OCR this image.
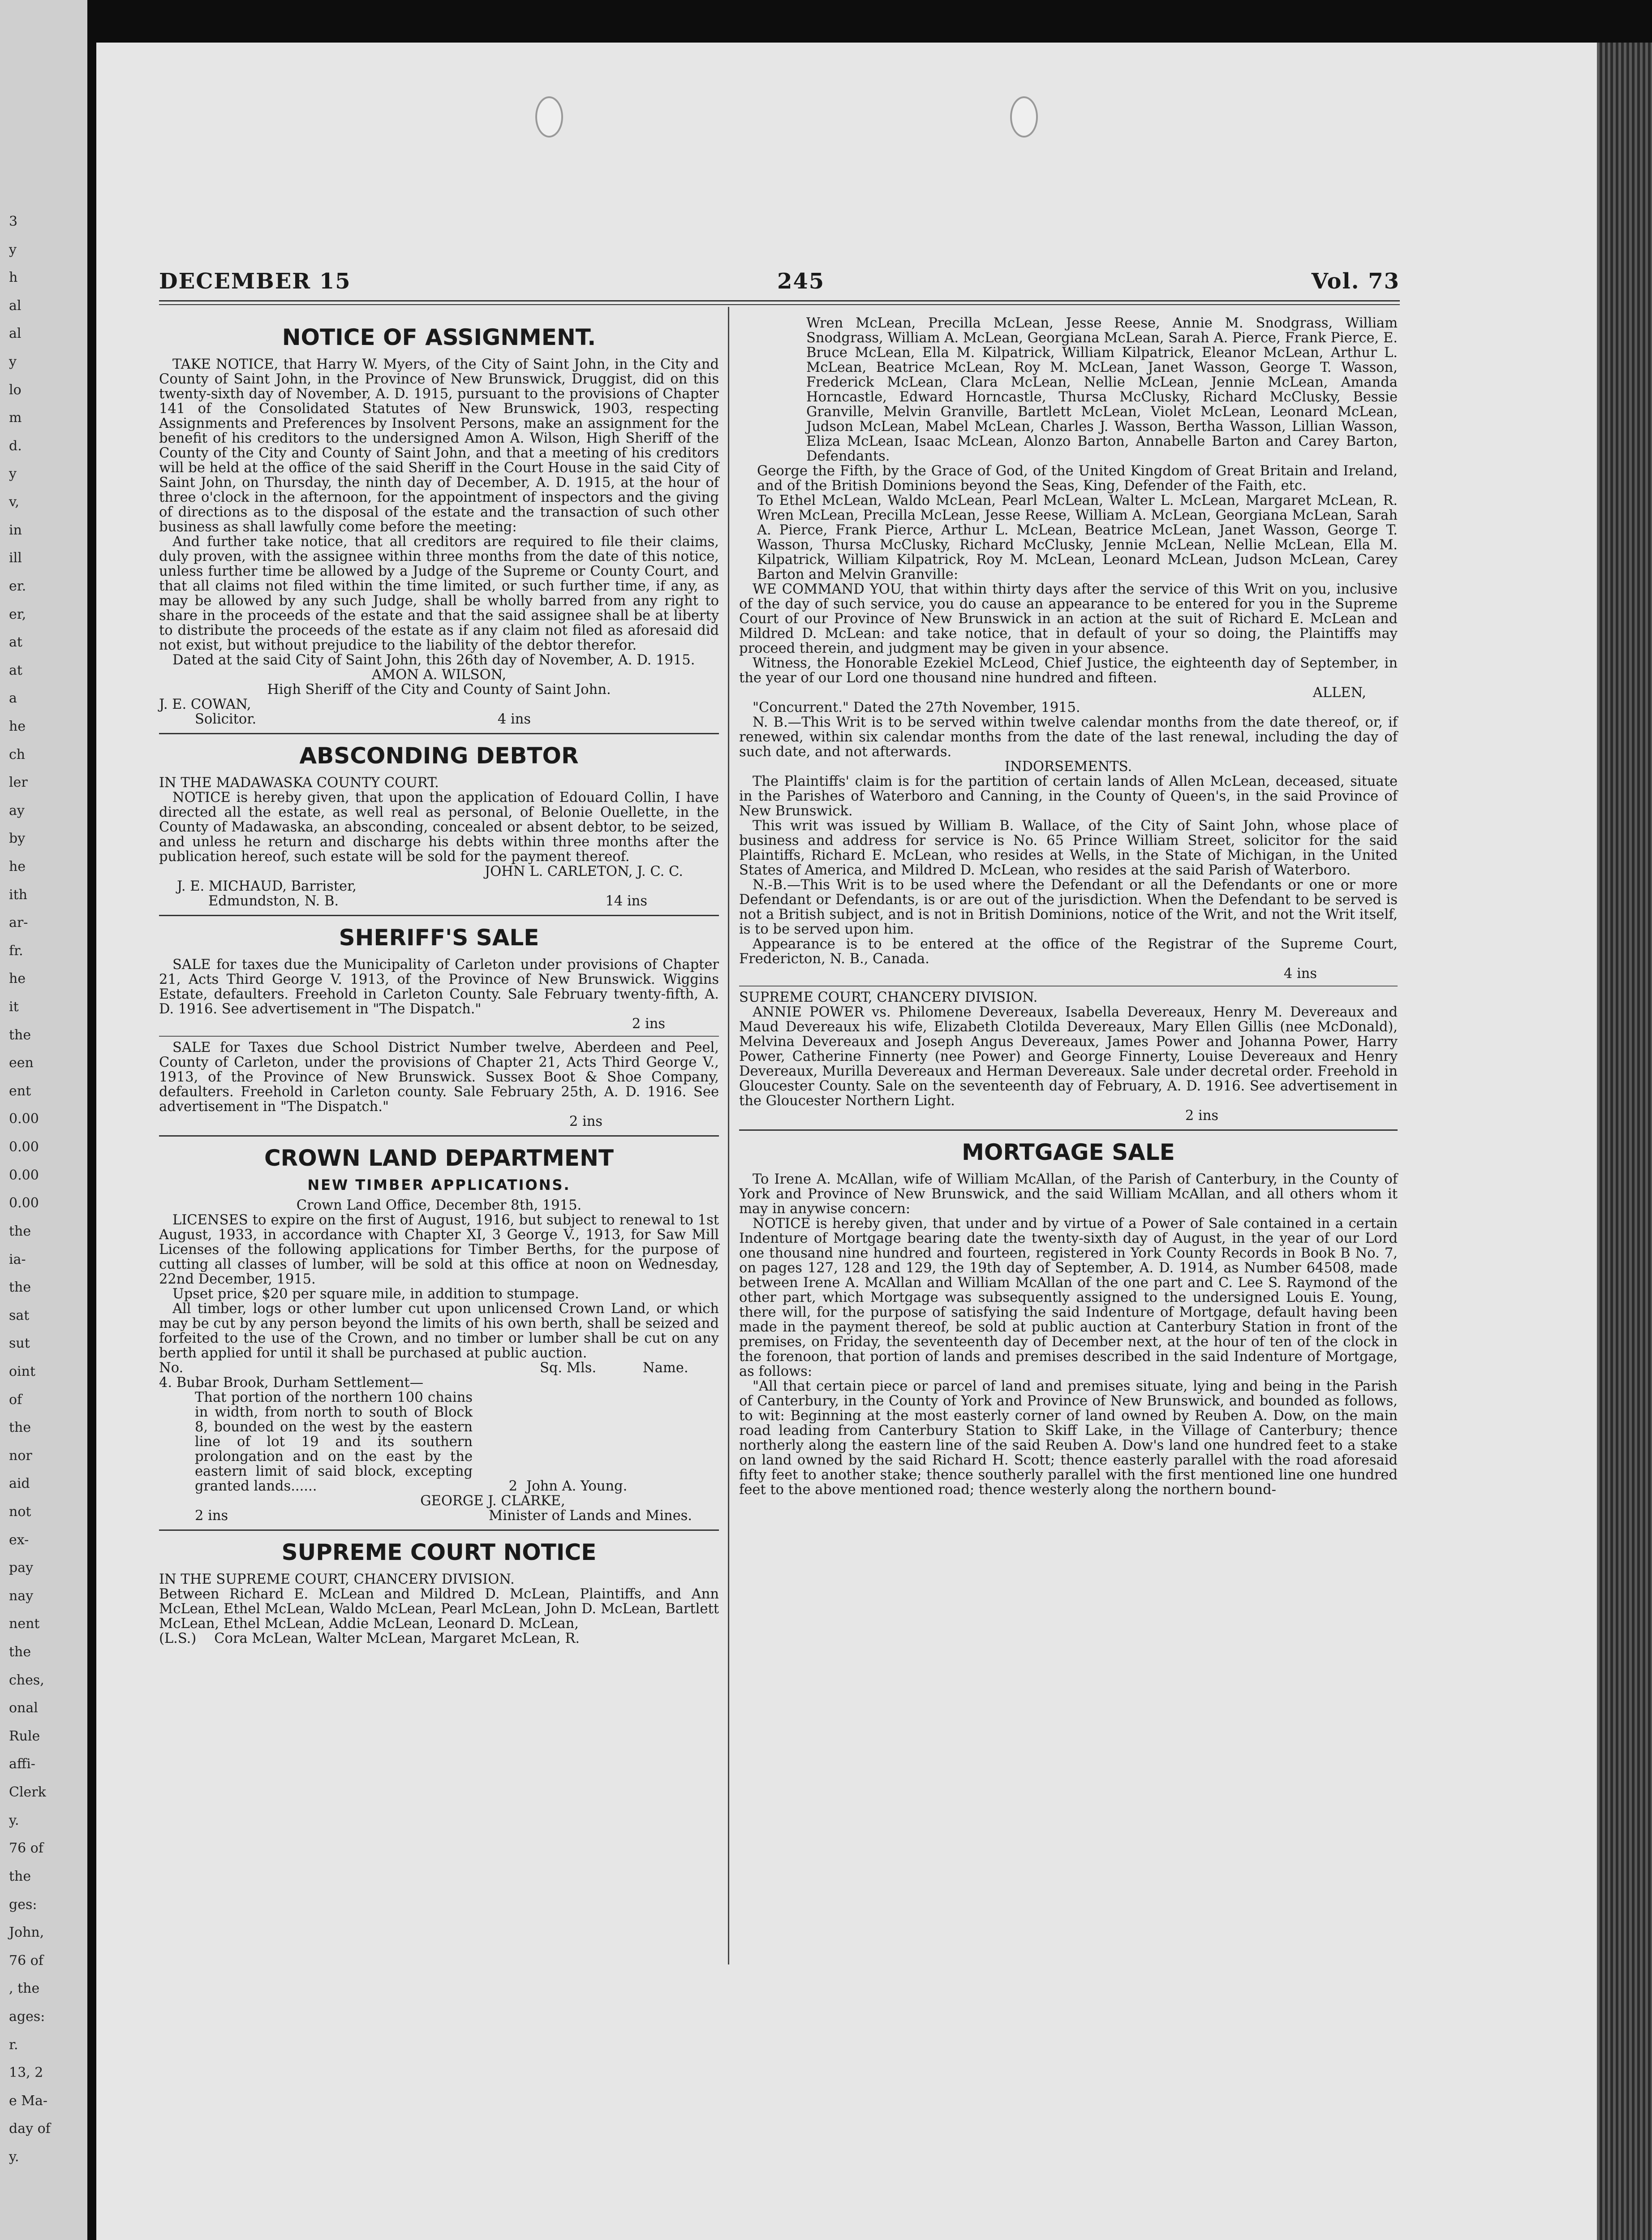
3
y
h
al
al
y
lo
m
d.
y
v,
in
ill
er.
er,
at
at
a
he
ch
ler
ay
by
he
ith
ar-
fr.
he
it
the
een
ent
0.00
0.00
0.00
0.00
the
ia-
the
sat
sut
oint
of
the
nor
aid
not
ex-
pay
nay
nent
the
ches,
onal
Rule
affi-
Clerk
y.
76 of
the
ges:
John,
76 of
, the
ages:
r.
13, 2
e Ma-
day of
y.
DECEMBER 15	245	Vol. 73
NOTICE OF ASSIGNMENT.

TAKE NOTICE, that Harry W. Myers, of the City of Saint John, in the City and County of Saint John, in the Province of New Brunswick, Druggist, did on this twenty-sixth day of November, A. D. 1915, pursuant to the provisions of Chapter 141 of the Consolidated Statutes of New Brunswick, 1903, respecting Assignments and Preferences by Insolvent Persons, make an assignment for the benefit of his creditors to the undersigned Amon A. Wilson, High Sheriff of the County of the City and County of Saint John, and that a meeting of his creditors will be held at the office of the said Sheriff in the Court House in the said City of Saint John, on Thursday, the ninth day of December, A. D. 1915, at the hour of three o'clock in the afternoon, for the appointment of inspectors and the giving of directions as to the disposal of the estate and the transaction of such other business as shall lawfully come before the meeting:

And further take notice, that all creditors are required to file their claims, duly proven, with the assignee within three months from the date of this notice, unless further time be allowed by a Judge of the Supreme or County Court, and that all claims not filed within the time limited, or such further time, if any, as may be allowed by any such Judge, shall be wholly barred from any right to share in the proceeds of the estate and that the said assignee shall be at liberty to distribute the proceeds of the estate as if any claim not filed as aforesaid did not exist, but without prejudice to the liability of the debtor therefor.

Dated at the said City of Saint John, this 26th day of November, A. D. 1915.

AMON A. WILSON,

High Sheriff of the City and County of Saint John.

J. E. COWAN,

Solicitor.	4 ins
ABSCONDING DEBTOR

IN THE MADAWASKA COUNTY COURT.

NOTICE is hereby given, that upon the application of Edouard Collin, I have directed all the estate, as well real as personal, of Belonie Ouellette, in the County of Madawaska, an absconding, concealed or absent debtor, to be seized, and unless he return and discharge his debts within three months after the publication hereof, such estate will be sold for the payment thereof.

JOHN L. CARLETON, J. C. C.

J. E. MICHAUD, Barrister,

Edmundston, N. B.	14 ins
SHERIFF'S SALE

SALE for taxes due the Municipality of Carleton under provisions of Chapter 21, Acts Third George V. 1913, of the Province of New Brunswick. Wiggins Estate, defaulters. Freehold in Carleton County. Sale February twenty-fifth, A. D. 1916. See advertisement in "The Dispatch."

2 ins

SALE for Taxes due School District Number twelve, Aberdeen and Peel, County of Carleton, under the provisions of Chapter 21, Acts Third George V., 1913, of the Province of New Brunswick. Sussex Boot & Shoe Company, defaulters. Freehold in Carleton county. Sale February 25th, A. D. 1916. See advertisement in "The Dispatch."

2 ins

CROWN LAND DEPARTMENT
NEW TIMBER APPLICATIONS.

Crown Land Office, December 8th, 1915.

LICENSES to expire on the first of August, 1916, but subject to renewal to 1st August, 1933, in accordance with Chapter XI, 3 George V., 1913, for Saw Mill Licenses of the following applications for Timber Berths, for the purpose of cutting all classes of lumber, will be sold at this office at noon on Wednesday, 22nd December, 1915.

Upset price, $20 per square mile, in addition to stumpage.

All timber, logs or other lumber cut upon unlicensed Crown Land, or which may be cut by any person beyond the limits of his own berth, shall be seized and forfeited to the use of the Crown, and no timber or lumber shall be cut on any berth applied for until it shall be purchased at public auction.

No.	Sq. Mls.	Name.

4. Bubar Brook, Durham Settlement—

That portion of the northern 100 chains in width, from north to south of Block 8, bounded on the west by the eastern line of lot 19 and its southern prolongation and on the east by the eastern limit of said block, excepting granted lands......	2 John A. Young.

GEORGE J. CLARKE,

2 ins	Minister of Lands and Mines.
SUPREME COURT NOTICE

IN THE SUPREME COURT, CHANCERY DIVISION.

Between Richard E. McLean and Mildred D. McLean, Plaintiffs, and Ann McLean, Ethel McLean, Waldo McLean, Pearl McLean, John D. McLean, Bartlett McLean, Ethel McLean, Addie McLean, Leonard D. McLean,

(L.S.) Cora McLean, Walter McLean, Margaret McLean, R.

Wren McLean, Precilla McLean, Jesse Reese, Annie M. Snodgrass, William Snodgrass, William A. McLean, Georgiana McLean, Sarah A. Pierce, Frank Pierce, E. Bruce McLean, Ella M. Kilpatrick, William Kilpatrick, Eleanor McLean, Arthur L. McLean, Beatrice McLean, Roy M. McLean, Janet Wasson, George T. Wasson, Frederick McLean, Clara McLean, Nellie McLean, Jennie McLean, Amanda Horncastle, Edward Horncastle, Thursa McClusky, Richard McClusky, Bessie Granville, Melvin Granville, Bartlett McLean, Violet McLean, Leonard McLean, Judson McLean, Mabel McLean, Charles J. Wasson, Bertha Wasson, Lillian Wasson, Eliza McLean, Isaac McLean, Alonzo Barton, Annabelle Barton and Carey Barton, Defendants.

George the Fifth, by the Grace of God, of the United Kingdom of Great Britain and Ireland, and of the British Dominions beyond the Seas, King, Defender of the Faith, etc.

To Ethel McLean, Waldo McLean, Pearl McLean, Walter L. McLean, Margaret McLean, R. Wren McLean, Precilla McLean, Jesse Reese, William A. McLean, Georgiana McLean, Sarah A. Pierce, Frank Pierce, Arthur L. McLean, Beatrice McLean, Janet Wasson, George T. Wasson, Thursa McClusky, Richard McClusky, Jennie McLean, Nellie McLean, Ella M. Kilpatrick, William Kilpatrick, Roy M. McLean, Leonard McLean, Judson McLean, Carey Barton and Melvin Granville:

WE COMMAND YOU, that within thirty days after the service of this Writ on you, inclusive of the day of such service, you do cause an appearance to be entered for you in the Supreme Court of our Province of New Brunswick in an action at the suit of Richard E. McLean and Mildred D. McLean: and take notice, that in default of your so doing, the Plaintiffs may proceed therein, and judgment may be given in your absence.

Witness, the Honorable Ezekiel McLeod, Chief Justice, the eighteenth day of September, in the year of our Lord one thousand nine hundred and fifteen.

ALLEN,

"Concurrent." Dated the 27th November, 1915.

N. B.—This Writ is to be served within twelve calendar months from the date thereof, or, if renewed, within six calendar months from the date of the last renewal, including the day of such date, and not afterwards.

INDORSEMENTS.

The Plaintiffs' claim is for the partition of certain lands of Allen McLean, deceased, situate in the Parishes of Waterboro and Canning, in the County of Queen's, in the said Province of New Brunswick.

This writ was issued by William B. Wallace, of the City of Saint John, whose place of business and address for service is No. 65 Prince William Street, solicitor for the said Plaintiffs, Richard E. McLean, who resides at Wells, in the State of Michigan, in the United States of America, and Mildred D. McLean, who resides at the said Parish of Waterboro.

N.-B.—This Writ is to be used where the Defendant or all the Defendants or one or more Defendant or Defendants, is or are out of the jurisdiction. When the Defendant to be served is not a British subject, and is not in British Dominions, notice of the Writ, and not the Writ itself, is to be served upon him.

Appearance is to be entered at the office of the Registrar of the Supreme Court, Fredericton, N. B., Canada.

4 ins

SUPREME COURT, CHANCERY DIVISION.

ANNIE POWER vs. Philomene Devereaux, Isabella Devereaux, Henry M. Devereaux and Maud Devereaux his wife, Elizabeth Clotilda Devereaux, Mary Ellen Gillis (nee McDonald), Melvina Devereaux and Joseph Angus Devereaux, James Power and Johanna Power, Harry Power, Catherine Finnerty (nee Power) and George Finnerty, Louise Devereaux and Henry Devereaux, Murilla Devereaux and Herman Devereaux. Sale under decretal order. Freehold in Gloucester County. Sale on the seventeenth day of February, A. D. 1916. See advertisement in the Gloucester Northern Light.

2 ins

MORTGAGE SALE

To Irene A. McAllan, wife of William McAllan, of the Parish of Canterbury, in the County of York and Province of New Brunswick, and the said William McAllan, and all others whom it may in anywise concern:

NOTICE is hereby given, that under and by virtue of a Power of Sale contained in a certain Indenture of Mortgage bearing date the twenty-sixth day of August, in the year of our Lord one thousand nine hundred and fourteen, registered in York County Records in Book B No. 7, on pages 127, 128 and 129, the 19th day of September, A. D. 1914, as Number 64508, made between Irene A. McAllan and William McAllan of the one part and C. Lee S. Raymond of the other part, which Mortgage was subsequently assigned to the undersigned Louis E. Young, there will, for the purpose of satisfying the said Indenture of Mortgage, default having been made in the payment thereof, be sold at public auction at Canterbury Station in front of the premises, on Friday, the seventeenth day of December next, at the hour of ten of the clock in the forenoon, that portion of lands and premises described in the said Indenture of Mortgage, as follows:

"All that certain piece or parcel of land and premises situate, lying and being in the Parish of Canterbury, in the County of York and Province of New Brunswick, and bounded as follows, to wit: Beginning at the most easterly corner of land owned by Reuben A. Dow, on the main road leading from Canterbury Station to Skiff Lake, in the Village of Canterbury; thence northerly along the eastern line of the said Reuben A. Dow's land one hundred feet to a stake on land owned by the said Richard H. Scott; thence easterly parallel with the road aforesaid fifty feet to another stake; thence southerly parallel with the first mentioned line one hundred feet to the above mentioned road; thence westerly along the northern bound-
